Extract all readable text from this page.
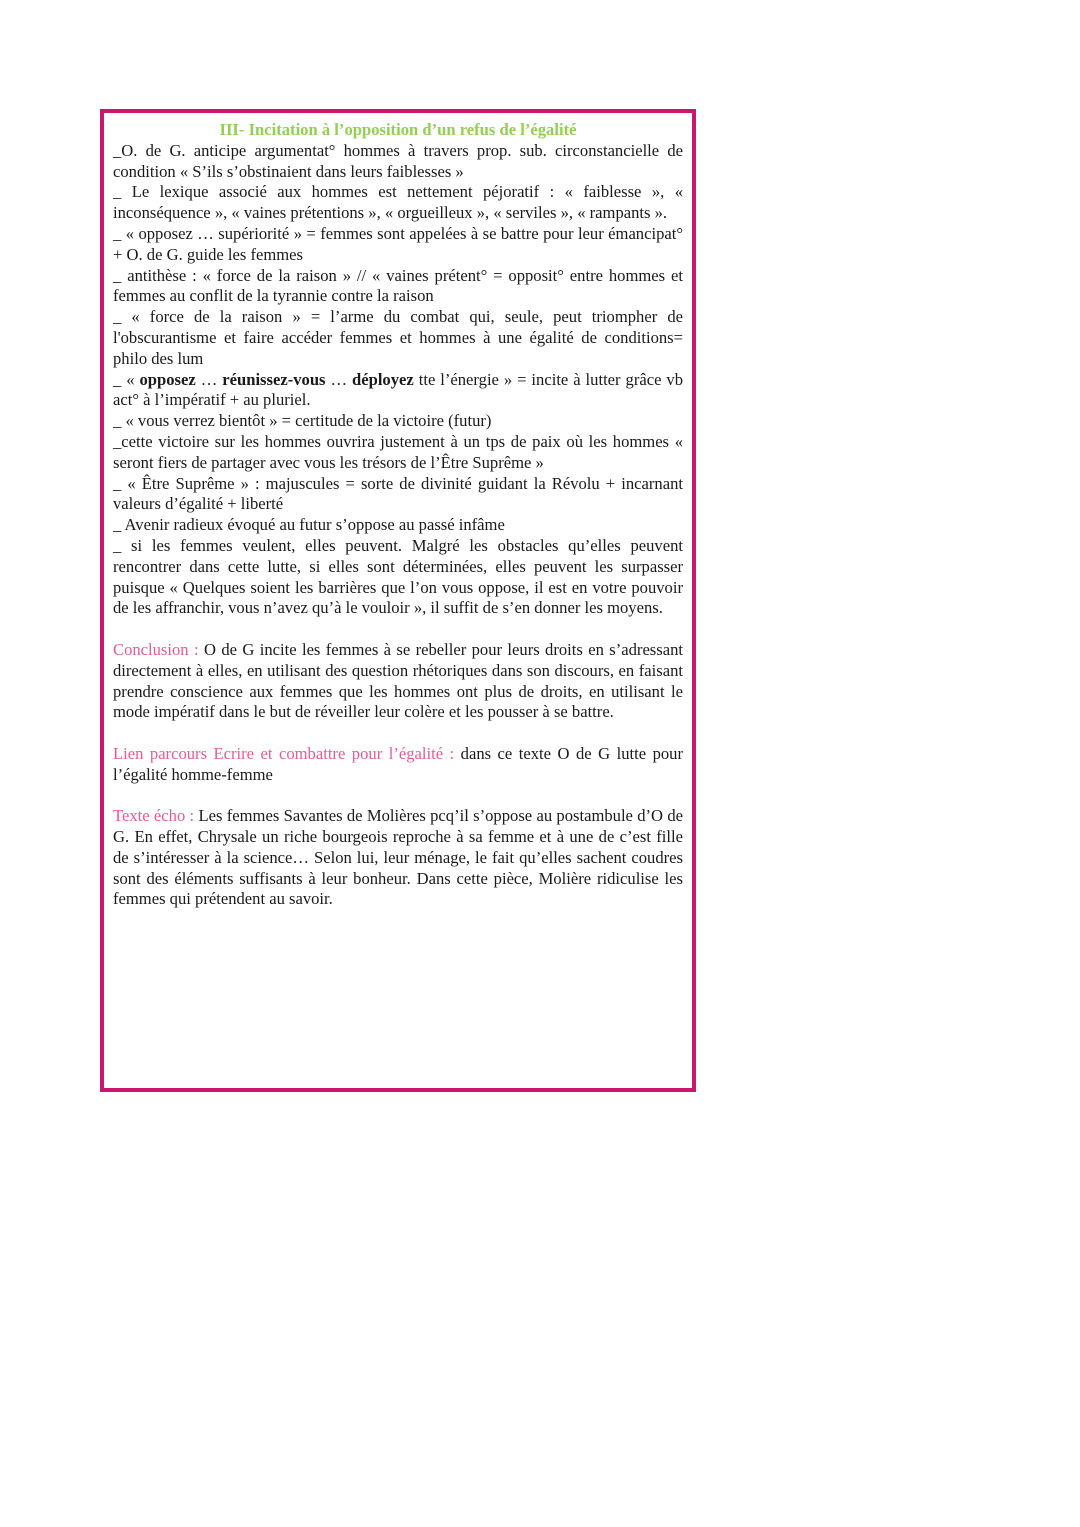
III- Incitation à l’opposition d’un refus de l’égalité
_O. de G. anticipe argumentat° hommes à travers prop. sub. circonstancielle de condition « S’ils s’obstinaient dans leurs faiblesses »
_ Le lexique associé aux hommes est nettement péjoratif : « faiblesse », « inconséquence », « vaines prétentions », « orgueilleux », « serviles », « rampants ».
_ « opposez … supériorité » = femmes sont appelées à se battre pour leur émancipat°+ O. de G. guide les femmes
_ antithèse : « force de la raison » // « vaines prétent° = opposit° entre hommes et femmes au conflit de la tyrannie contre la raison
_ « force de la raison » = l’arme du combat qui, seule, peut triompher de l'obscurantisme et faire accéder femmes et hommes à une égalité de conditions= philo des lum
_ « opposez … réunissez-vous … déployez tte l’énergie » = incite à lutter grâce vb act° à l’impératif + au pluriel.
_ « vous verrez bientôt » = certitude de la victoire (futur)
_cette victoire sur les hommes ouvrira justement à un tps de paix où les hommes « seront fiers de partager avec vous les trésors de l’Être Suprême »
_ « Être Suprême » : majuscules = sorte de divinité guidant la Révolu + incarnant valeurs d’égalité + liberté
_ Avenir radieux évoqué au futur s’oppose au passé infâme
_ si les femmes veulent, elles peuvent. Malgré les obstacles qu’elles peuvent rencontrer dans cette lutte, si elles sont déterminées, elles peuvent les surpasser puisque « Quelques soient les barrières que l’on vous oppose, il est en votre pouvoir de les affranchir, vous n’avez qu’à le vouloir », il suffit de s’en donner les moyens.
Conclusion : O de G incite les femmes à se rebeller pour leurs droits en s’adressant directement à elles, en utilisant des question rhétoriques dans son discours, en faisant prendre conscience aux femmes que les hommes ont plus de droits, en utilisant le mode impératif dans le but de réveiller leur colère et les pousser à se battre.
Lien parcours Ecrire et combattre pour l’égalité : dans ce texte O de G lutte pour l’égalité homme-femme
Texte écho : Les femmes Savantes de Molières pcq’il s’oppose au postambule d’O de G. En effet, Chrysale un riche bourgeois reproche à sa femme et à une de c’est fille de s’intéresser à la science… Selon lui, leur ménage, le fait qu’elles sachent coudres sont des éléments suffisants à leur bonheur. Dans cette pièce, Molière ridiculise les femmes qui prétendent au savoir.
